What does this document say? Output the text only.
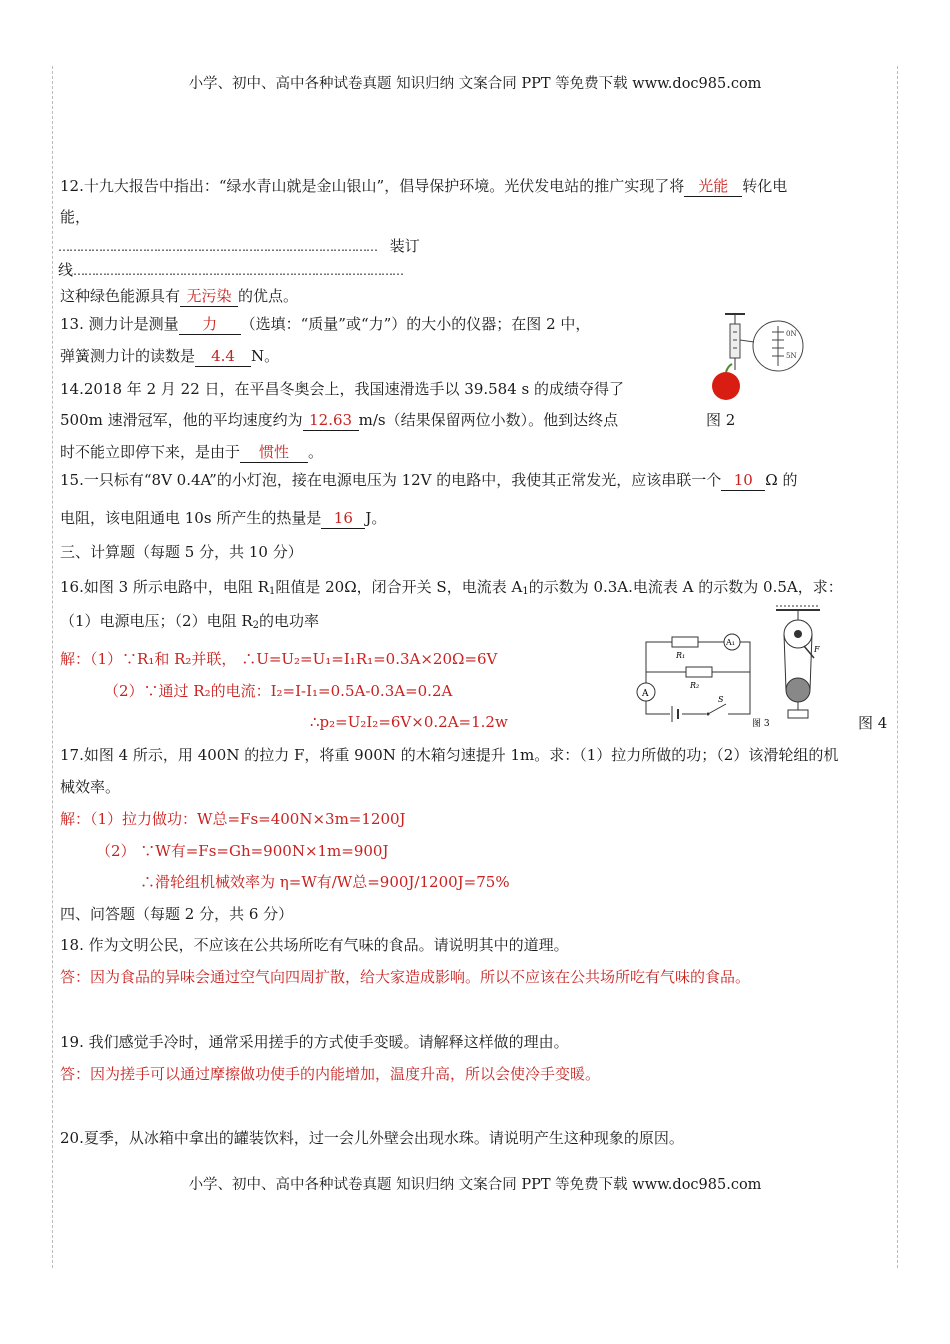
小学、初中、高中各种试卷真题 知识归纳 文案合同 PPT 等免费下载 www.doc985.com
12.十九大报告中指出：“绿水青山就是金山银山”，倡导保护环境。光伏发电站的推广实现了将 光能 转化电
能，
…………………………………………………………………………… 装订
线………………………………………………………………………………
这种绿色能源具有 无污染 的优点。
13. 测力计是测量 力 （选填：“质量”或“力”）的大小的仪器；在图 2 中，
弹簧测力计的读数是 4.4 N。
14.2018 年 2 月 22 日，在平昌冬奥会上，我国速滑选手以 39.584 s 的成绩夺得了
500m 速滑冠军，他的平均速度约为 12.63 m/s（结果保留两位小数）。他到达终点
时不能立即停下来，是由于 惯性 。
0N
5N
图 2
15.一只标有“8V 0.4A”的小灯泡，接在电源电压为 12V 的电路中，我使其正常发光，应该串联一个 10 Ω 的
电阻，该电阻通电 10s 所产生的热量是 16 J。
三、计算题（每题 5 分，共 10 分）
16.如图 3 所示电路中，电阻 $R_1$阻值是 20Ω，闭合开关 S，电流表 $A_1$的示数为 0.3A.电流表 A 的示数为 0.5A，求：
（1）电源电压；（2）电阻 $R_2$的电功率
解：（1）∵R₁和 R₂并联， ∴U=U₂=U₁=I₁R₁=0.3A×20Ω=6V
（2）∵通过 R₂的电流：I₂=I-I₁=0.5A-0.3A=0.2A
∴p₂=U₂I₂=6V×0.2A=1.2w
R₁
A₁
R₂
A
S
图 3
F
图 4
17.如图 4 所示，用 400N 的拉力 F，将重 900N 的木箱匀速提升 1m。求：（1）拉力所做的功；（2）该滑轮组的机
械效率。
解：（1）拉力做功：W总=Fs=400N×3m=1200J
（2） ∵W有=Fs=Gh=900N×1m=900J
∴滑轮组机械效率为 η=W有/W总=900J/1200J=75%
四、问答题（每题 2 分，共 6 分）
18. 作为文明公民，不应该在公共场所吃有气味的食品。请说明其中的道理。
答：因为食品的异味会通过空气向四周扩散，给大家造成影响。所以不应该在公共场所吃有气味的食品。
19. 我们感觉手冷时，通常采用搓手的方式使手变暖。请解释这样做的理由。
答：因为搓手可以通过摩擦做功使手的内能增加，温度升高，所以会使冷手变暖。
20.夏季，从冰箱中拿出的罐装饮料，过一会儿外壁会出现水珠。请说明产生这种现象的原因。
小学、初中、高中各种试卷真题 知识归纳 文案合同 PPT 等免费下载 www.doc985.com
